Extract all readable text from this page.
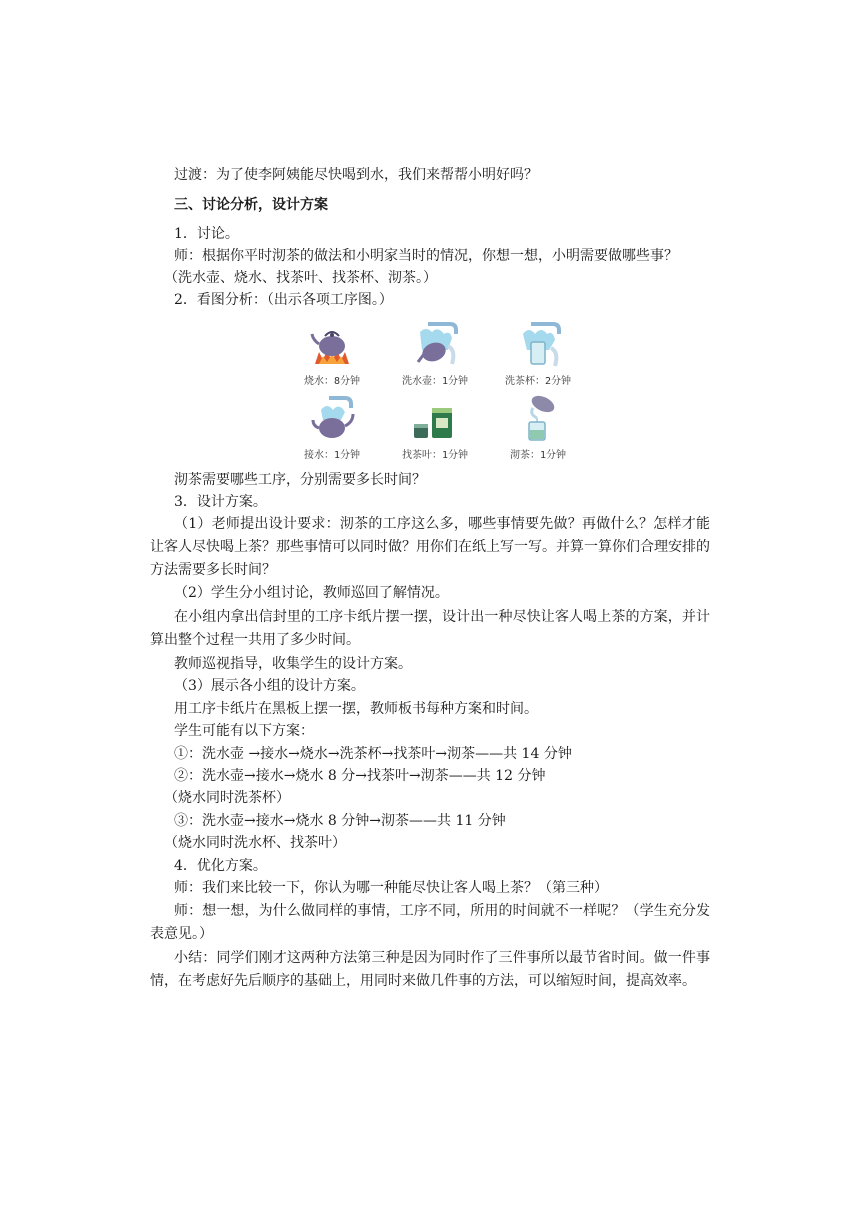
过渡：为了使李阿姨能尽快喝到水，我们来帮帮小明好吗？
三、讨论分析，设计方案
1．讨论。
师：根据你平时沏茶的做法和小明家当时的情况，你想一想，小明需要做哪些事？
（洗水壶、烧水、找茶叶、找茶杯、沏茶。）
2．看图分析：（出示各项工序图。）
烧水：8分钟	洗水壶：1分钟	洗茶杯：2分钟
接水：1分钟	找茶叶：1分钟	沏茶：1分钟
沏茶需要哪些工序，分别需要多长时间？
3．设计方案。
（1）老师提出设计要求：沏茶的工序这么多，哪些事情要先做？再做什么？怎样才能让客人尽快喝上茶？那些事情可以同时做？用你们在纸上写一写。并算一算你们合理安排的方法需要多长时间？
（2）学生分小组讨论，教师巡回了解情况。
在小组内拿出信封里的工序卡纸片摆一摆，设计出一种尽快让客人喝上茶的方案，并计算出整个过程一共用了多少时间。
教师巡视指导，收集学生的设计方案。
（3）展示各小组的设计方案。
用工序卡纸片在黑板上摆一摆，教师板书每种方案和时间。
学生可能有以下方案：
①：洗水壶 →接水→烧水→洗茶杯→找茶叶→沏茶——共 14 分钟
②：洗水壶→接水→烧水 8 分→找茶叶→沏茶——共 12 分钟
（烧水同时洗茶杯）
③：洗水壶→接水→烧水 8 分钟→沏茶——共 11 分钟
（烧水同时洗水杯、找茶叶）
4．优化方案。
师：我们来比较一下，你认为哪一种能尽快让客人喝上茶？（第三种）
师：想一想，为什么做同样的事情，工序不同，所用的时间就不一样呢？（学生充分发表意见。）
小结：同学们刚才这两种方法第三种是因为同时作了三件事所以最节省时间。做一件事情，在考虑好先后顺序的基础上，用同时来做几件事的方法，可以缩短时间，提高效率。
